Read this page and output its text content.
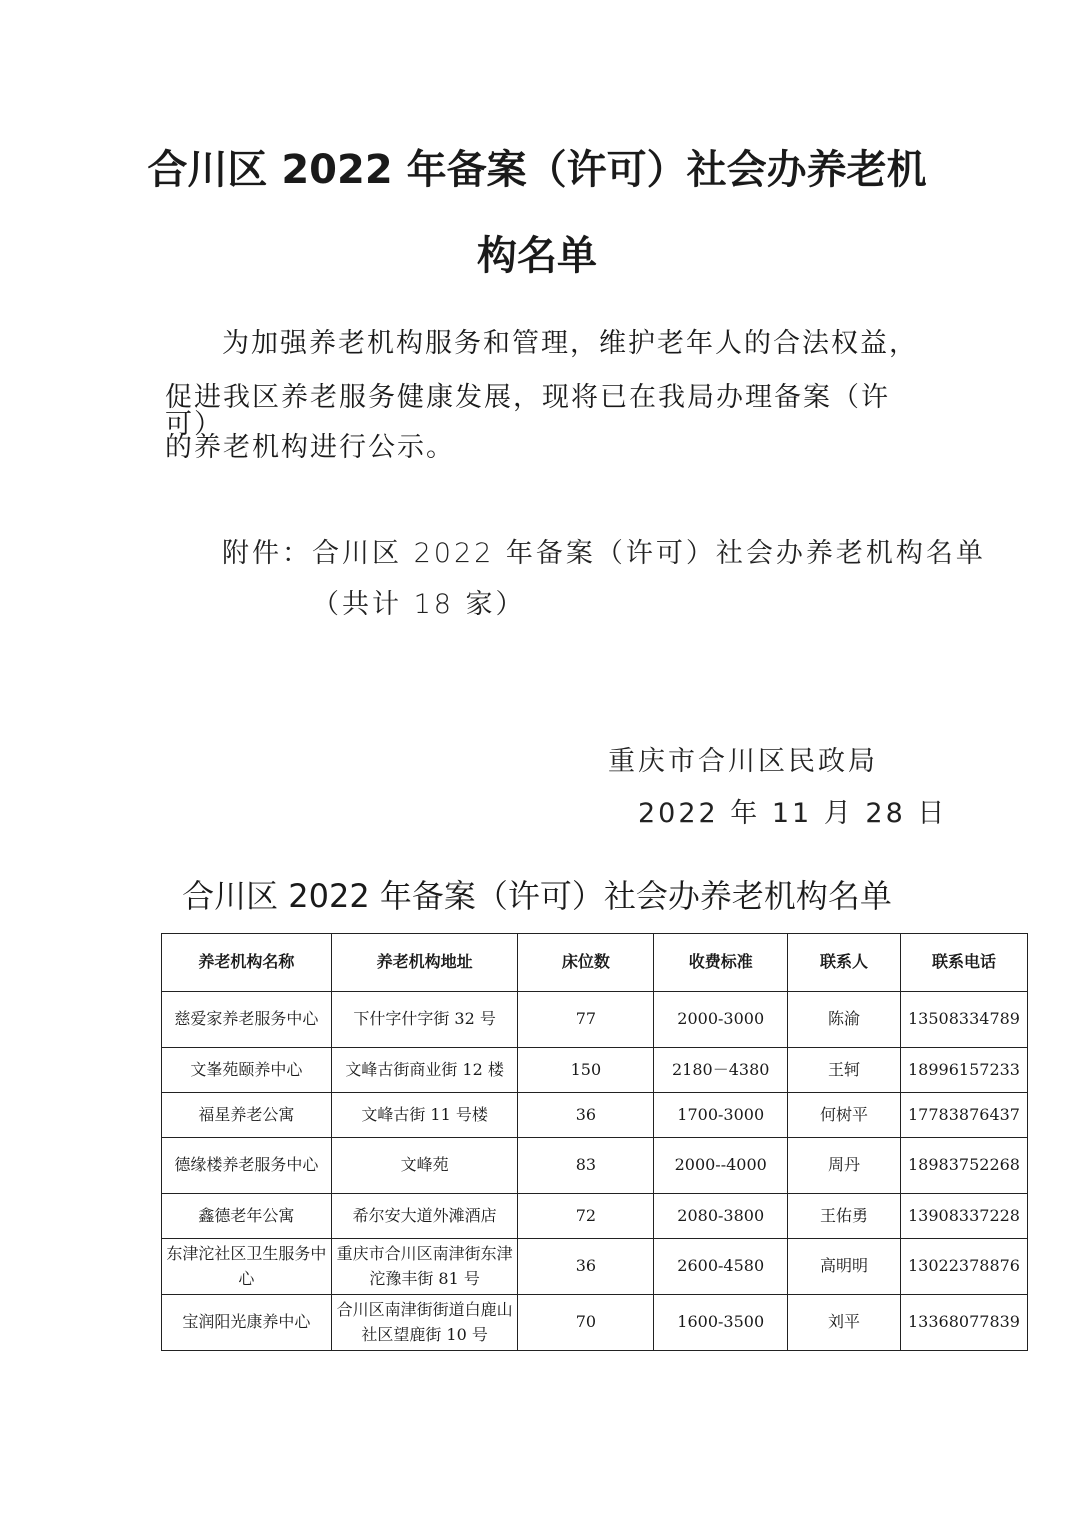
合川区 2022 年备案（许可）社会办养老机
构名单
为加强养老机构服务和管理，维护老年人的合法权益，
促进我区养老服务健康发展，现将已在我局办理备案（许可）
的养老机构进行公示。
附件：合川区 2022 年备案（许可）社会办养老机构名单
（共计 18 家）
重庆市合川区民政局
2022 年 11 月 28 日
合川区 2022 年备案（许可）社会办养老机构名单
养老机构名称	养老机构地址	床位数	收费标准	联系人	联系电话
慈爱家养老服务中心	下什字什字街 32 号	77	2000-3000	陈渝	13508334789
文峯苑颐养中心	文峰古街商业街 12 楼	150	2180－4380	王轲	18996157233
福星养老公寓	文峰古街 11 号楼	36	1700-3000	何树平	17783876437
德缘楼养老服务中心	文峰苑	83	2000--4000	周丹	18983752268
鑫德老年公寓	希尔安大道外滩酒店	72	2080-3800	王佑勇	13908337228
东津沱社区卫生服务中心	重庆市合川区南津街东津沱豫丰街 81 号	36	2600-4580	高明明	13022378876
宝润阳光康养中心	合川区南津街街道白鹿山社区望鹿街 10 号	70	1600-3500	刘平	13368077839
